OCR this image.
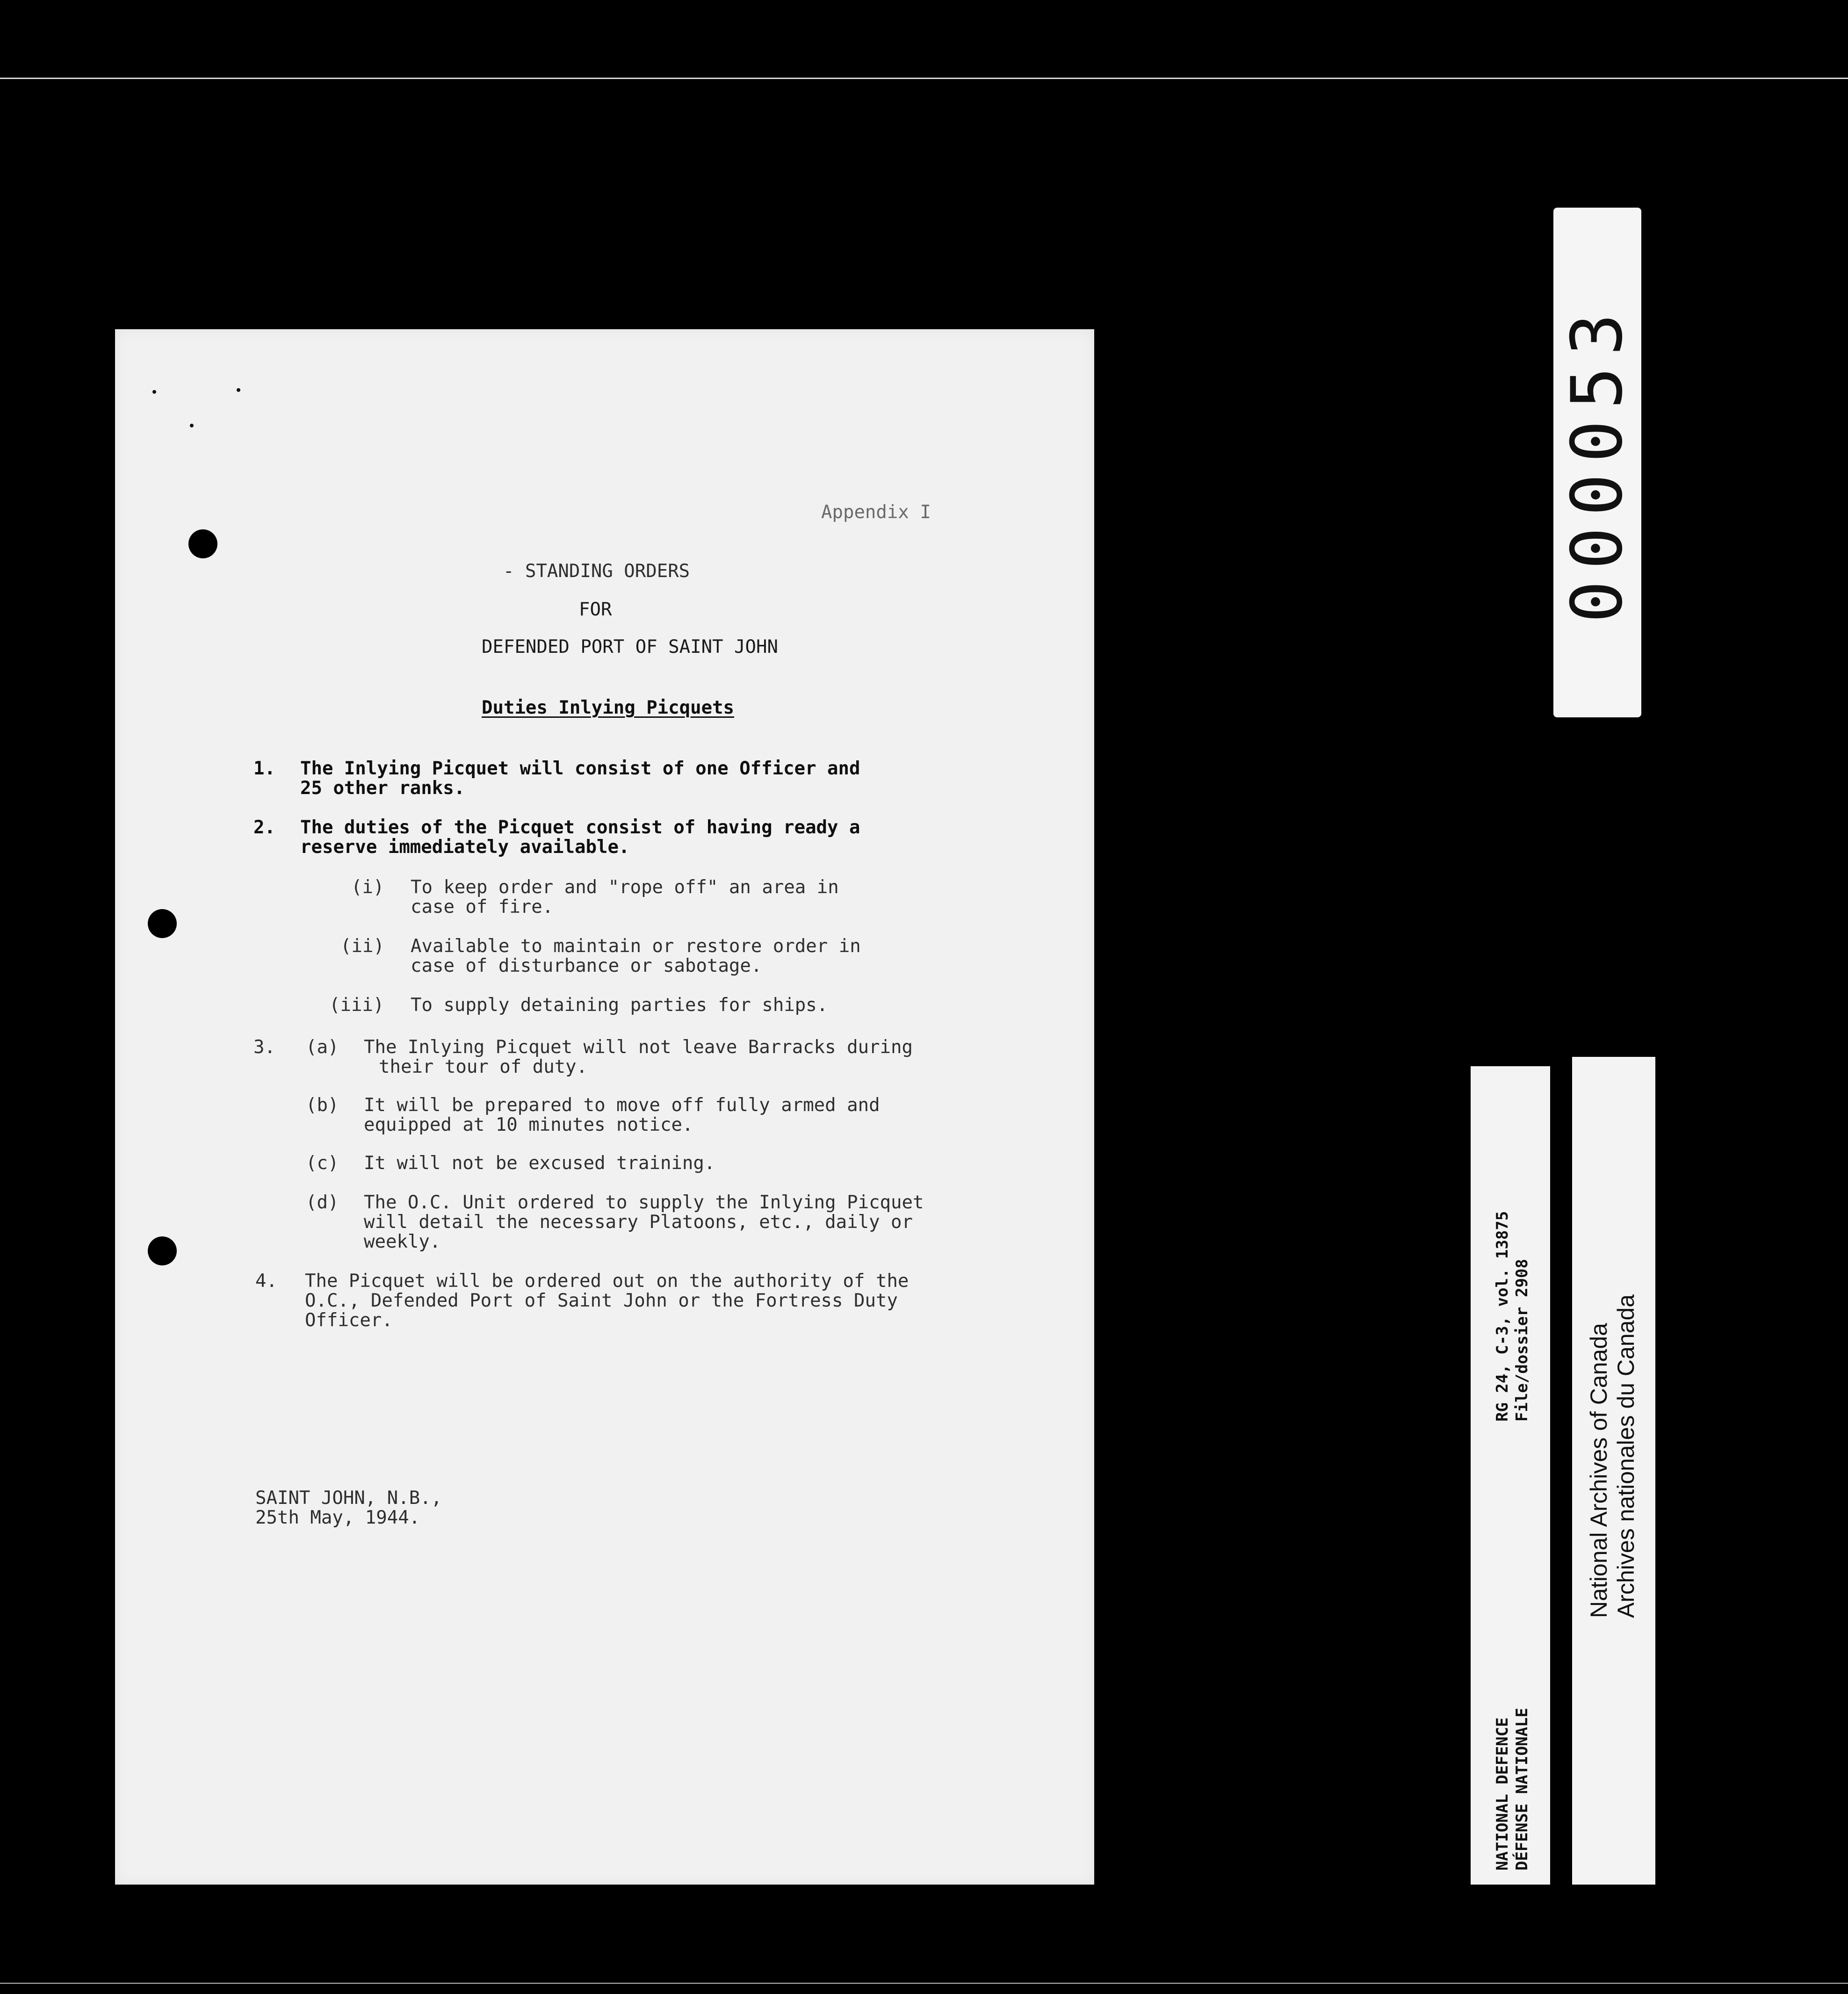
Appendix I
- STANDING ORDERS
FOR
DEFENDED PORT OF SAINT JOHN
Duties Inlying Picquets
1. The Inlying Picquet will consist of one Officer and
25 other ranks.
2. The duties of the Picquet consist of having ready a
reserve immediately available.
(i) To keep order and "rope off" an area in
case of fire.
(ii) Available to maintain or restore order in
case of disturbance or sabotage.
(iii) To supply detaining parties for ships.
3. (a) The Inlying Picquet will not leave Barracks during
their tour of duty.
(b) It will be prepared to move off fully armed and
equipped at 10 minutes notice.
(c) It will not be excused training.
(d) The O.C. Unit ordered to supply the Inlying Picquet
will detail the necessary Platoons, etc., daily or
weekly.
4. The Picquet will be ordered out on the authority of the
O.C., Defended Port of Saint John or the Fortress Duty
Officer.
SAINT JOHN, N.B.,
25th May, 1944.
000053
RG 24, C-3, vol. 13875 File/dossier 2908
NATIONAL DEFENCE DÉFENSE NATIONALE
National Archives of Canada Archives nationales du Canada
